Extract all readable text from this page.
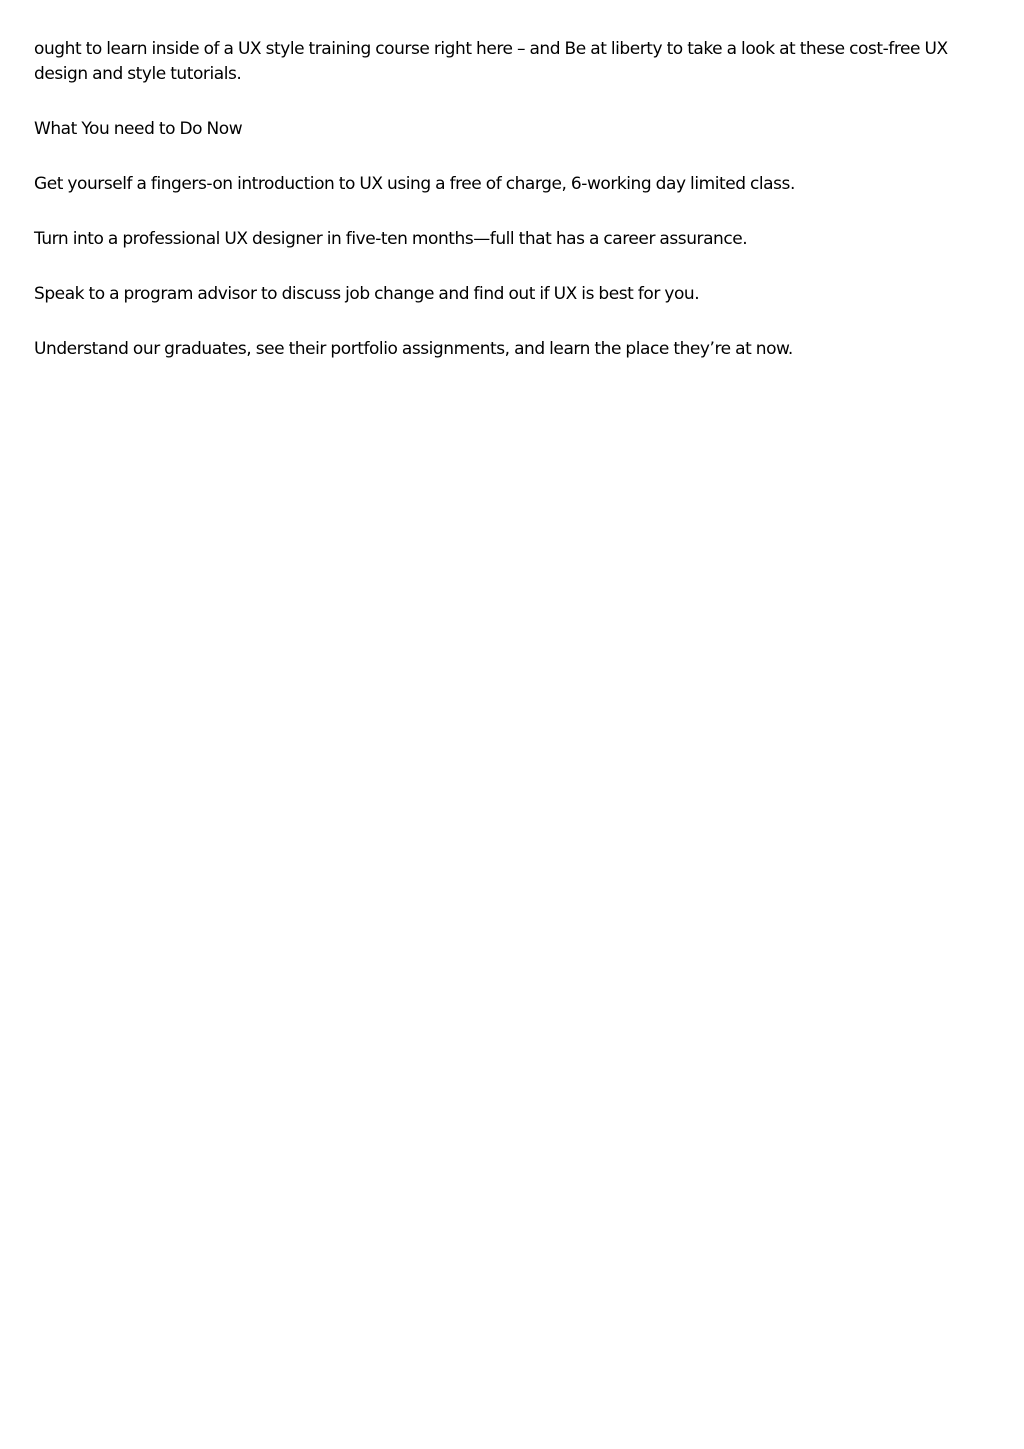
ought to learn inside of a UX style training course right here – and Be at liberty to take a look at these cost-free UX design and style tutorials.

What You need to Do Now

Get yourself a fingers-on introduction to UX using a free of charge, 6-working day limited class.

Turn into a professional UX designer in five-ten months—full that has a career assurance.

Speak to a program advisor to discuss job change and find out if UX is best for you.

Understand our graduates, see their portfolio assignments, and learn the place they’re at now.
